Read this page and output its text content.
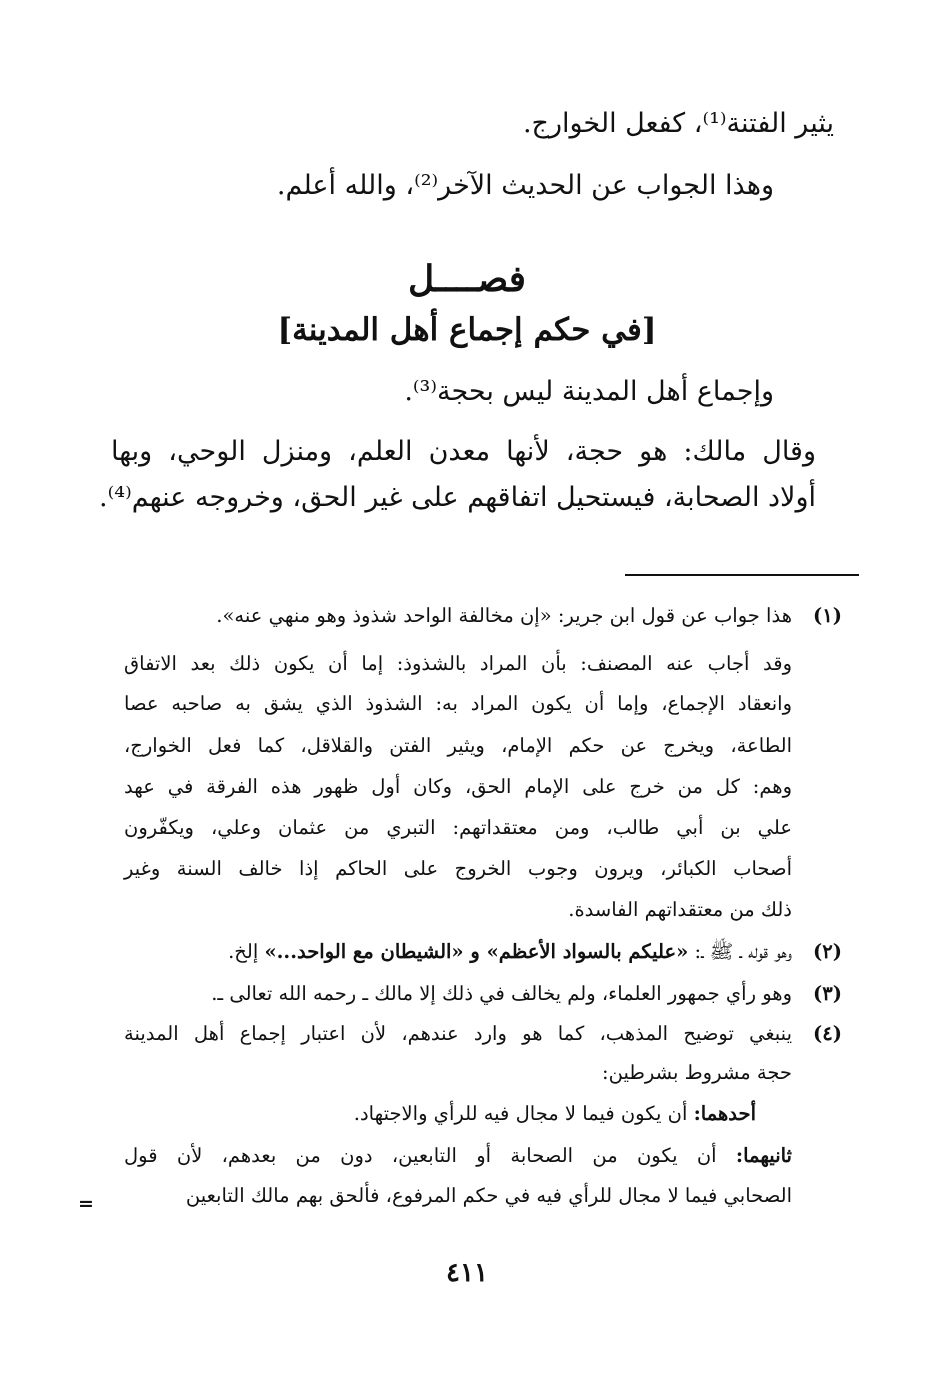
يثير الفتنة⁽¹⁾، كفعل الخوارج.
وهذا الجواب عن الحديث الآخر⁽²⁾، والله أعلم.
فصــــل
[في حكم إجماع أهل المدينة]
وإجماع أهل المدينة ليس بحجة⁽³⁾.
وقال مالك: هو حجة، لأنها معدن العلم، ومنزل الوحي، وبها
أولاد الصحابة، فيستحيل اتفاقهم على غير الحق، وخروجه عنهم⁽⁴⁾.
(١)
هذا جواب عن قول ابن جرير: «إن مخالفة الواحد شذوذ وهو منهي عنه».
وقد أجاب عنه المصنف: بأن المراد بالشذوذ: إما أن يكون ذلك بعد الاتفاق
وانعقاد الإجماع، وإما أن يكون المراد به: الشذوذ الذي يشق به صاحبه عصا
الطاعة، ويخرج عن حكم الإمام، ويثير الفتن والقلاقل، كما فعل الخوارج،
وهم: كل من خرج على الإمام الحق، وكان أول ظهور هذه الفرقة في عهد
علي بن أبي طالب، ومن معتقداتهم: التبري من عثمان وعلي، ويكفّرون
أصحاب الكبائر، ويرون وجوب الخروج على الحاكم إذا خالف السنة وغير
ذلك من معتقداتهم الفاسدة.
(٢)
وهو قوله ـ ﷺ ـ: «عليكم بالسواد الأعظم» و «الشيطان مع الواحد...» إلخ.
(٣)
وهو رأي جمهور العلماء، ولم يخالف في ذلك إلا مالك ـ رحمه الله تعالى ـ.
(٤)
ينبغي توضيح المذهب، كما هو وارد عندهم، لأن اعتبار إجماع أهل المدينة
حجة مشروط بشرطين:
أحدهما: أن يكون فيما لا مجال فيه للرأي والاجتهاد.
ثانيهما: أن يكون من الصحابة أو التابعين، دون من بعدهم، لأن قول
الصحابي فيما لا مجال للرأي فيه في حكم المرفوع، فألحق بهم مالك التابعين
=
٤١١
